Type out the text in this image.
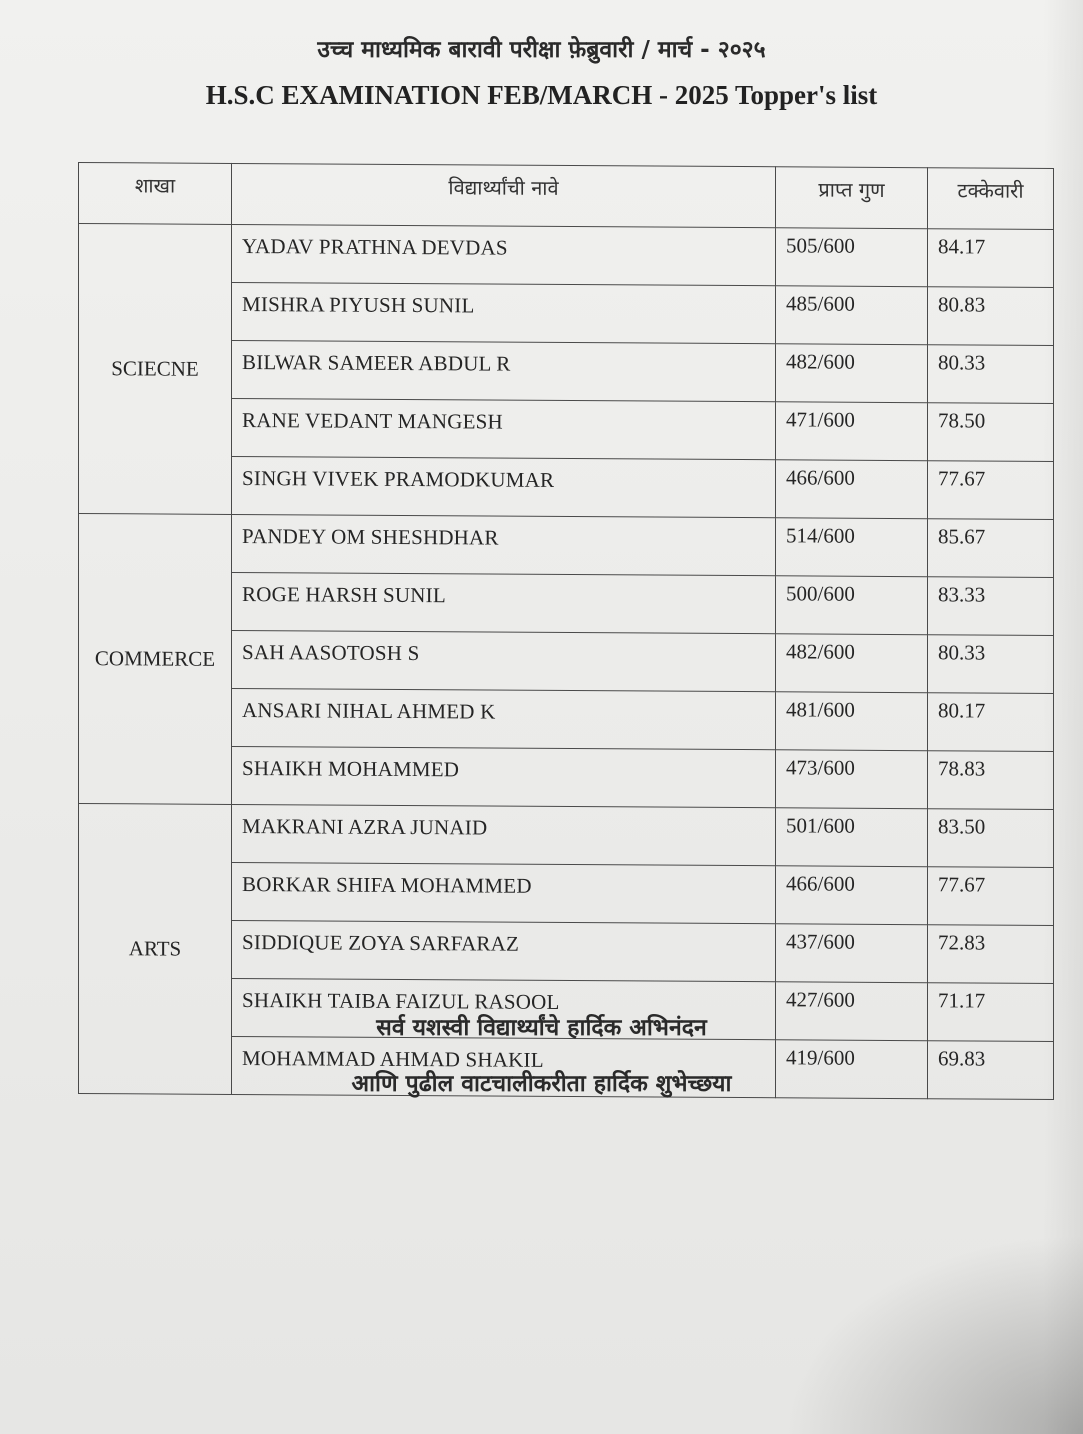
उच्च माध्यमिक बारावी परीक्षा फ़ेब्रुवारी / मार्च - २०२५
H.S.C EXAMINATION FEB/MARCH - 2025 Topper's list
शाखा	विद्यार्थ्यांची नावे	प्राप्त गुण	टक्केवारी
SCIECNE	YADAV PRATHNA DEVDAS	505/600	84.17
	MISHRA PIYUSH SUNIL	485/600	80.83
	BILWAR SAMEER ABDUL R	482/600	80.33
	RANE VEDANT MANGESH	471/600	78.50
	SINGH VIVEK PRAMODKUMAR	466/600	77.67
COMMERCE	PANDEY OM SHESHDHAR	514/600	85.67
	ROGE HARSH SUNIL	500/600	83.33
	SAH AASOTOSH S	482/600	80.33
	ANSARI NIHAL AHMED K	481/600	80.17
	SHAIKH MOHAMMED	473/600	78.83
ARTS	MAKRANI AZRA JUNAID	501/600	83.50
	BORKAR SHIFA MOHAMMED	466/600	77.67
	SIDDIQUE ZOYA SARFARAZ	437/600	72.83
	SHAIKH TAIBA FAIZUL RASOOL	427/600	71.17
	MOHAMMAD AHMAD SHAKIL	419/600	69.83
सर्व यशस्वी विद्यार्थ्यांचे हार्दिक अभिनंदन
आणि पुढील वाटचालीकरीता हार्दिक शुभेच्छया
